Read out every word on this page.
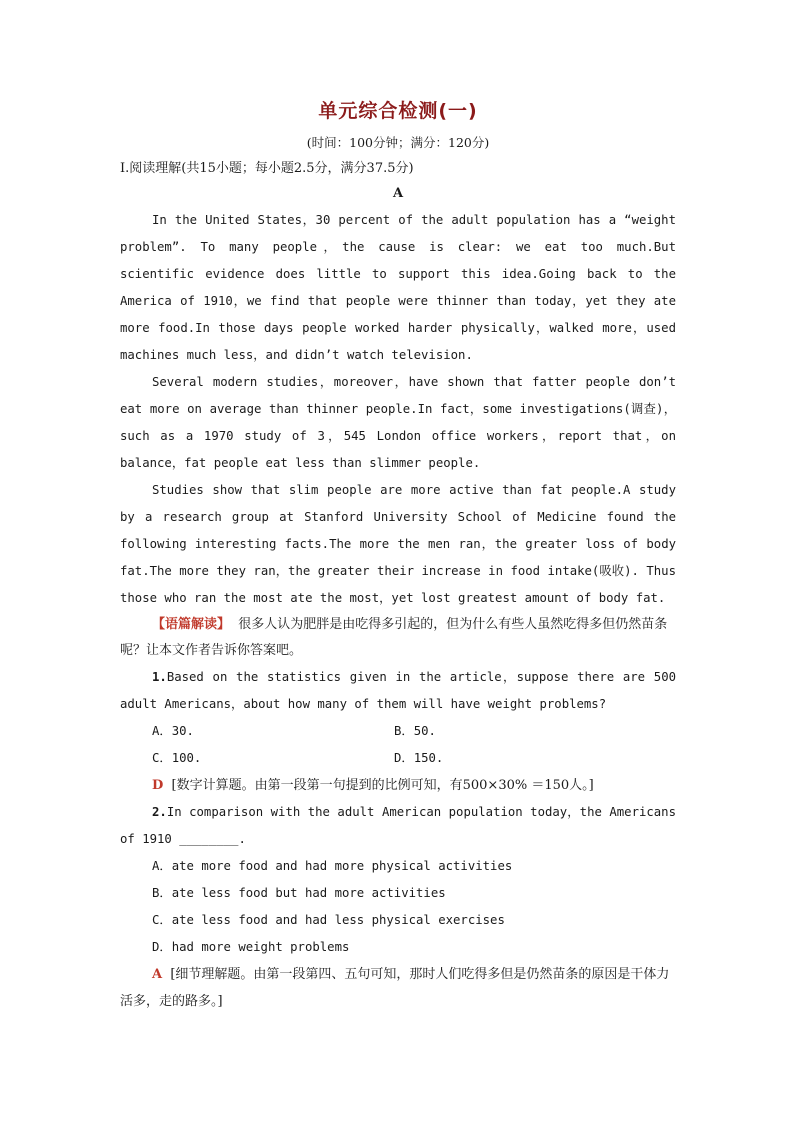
单元综合检测(一)
(时间：100分钟；满分：120分)
Ⅰ.阅读理解(共15小题；每小题2.5分，满分37.5分)
A

In the United States，30 percent of the adult population has a “weight problem”. To many people，the cause is clear: we eat too much.But scientific evidence does little to support this idea.Going back to the America of 1910，we find that people were thinner than today，yet they ate more food.In those days people worked harder physically，walked more，used machines much less，and didn’t watch television.

Several modern studies，moreover，have shown that fatter people don’t eat more on average than thinner people.In fact，some investigations(调查)，such as a 1970 study of 3，545 London office workers，report that，on balance，fat people eat less than slimmer people.

Studies show that slim people are more active than fat people.A study by a research group at Stanford University School of Medicine found the following interesting facts.The more the men ran，the greater loss of body fat.The more they ran，the greater their increase in food intake(吸收). Thus those who ran the most ate the most，yet lost greatest amount of body fat.

【语篇解读】 很多人认为肥胖是由吃得多引起的，但为什么有些人虽然吃得多但仍然苗条呢？让本文作者告诉你答案吧。

1.Based on the statistics given in the article，suppose there are 500 adult Americans，about how many of them will have weight problems?

A．30.	B．50.
C．100.	D．150.

D [数字计算题。由第一段第一句提到的比例可知，有500×30% ＝150人。]

2.In comparison with the adult American population today，the Americans of 1910 ________.

A．ate more food and had more physical activities
B．ate less food but had more activities
C．ate less food and had less physical exercises
D．had more weight problems

A [细节理解题。由第一段第四、五句可知，那时人们吃得多但是仍然苗条的原因是干体力活多，走的路多。]
